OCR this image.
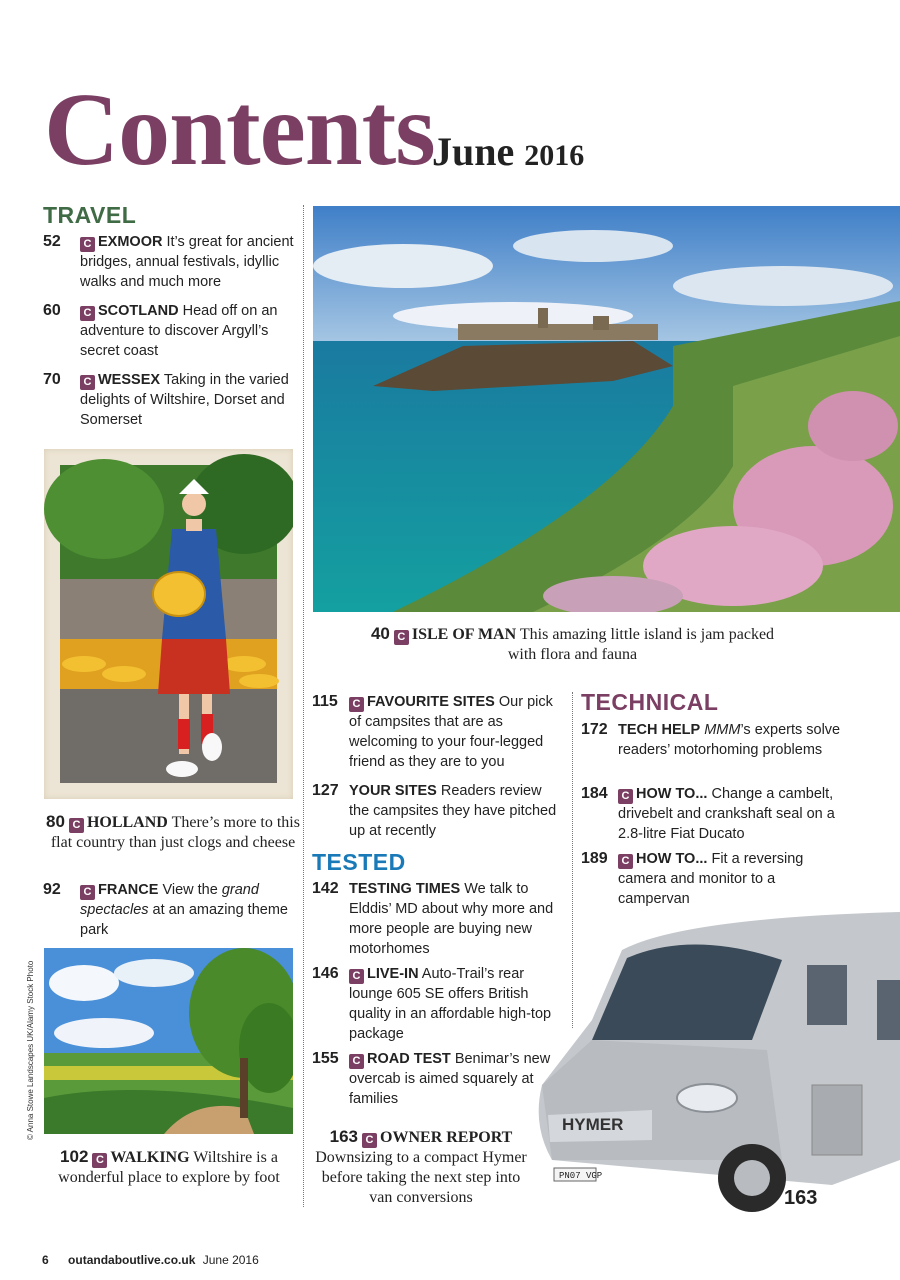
Contents
June 2016
TRAVEL
52	C EXMOOR It’s great for ancient bridges, annual festivals, idyllic walks and much more
60	C SCOTLAND Head off on an adventure to discover Argyll’s secret coast
70	C WESSEX Taking in the varied delights of Wiltshire, Dorset and Somerset
80 C HOLLAND There’s more to this flat country than just clogs and cheese
92	C FRANCE View the grand spectacles at an amazing theme park
© Anna Stowe Landscapes UK/Alamy Stock Photo
102 C WALKING Wiltshire is a wonderful place to explore by foot
40 C ISLE OF MAN This amazing little island is jam packed with flora and fauna
115	C FAVOURITE SITES Our pick of campsites that are as welcoming to your four-legged friend as they are to you
127 YOUR SITES Readers review the campsites they have pitched up at recently
TESTED
142 TESTING TIMES We talk to Elddis’ MD about why more and more people are buying new motorhomes
146	C LIVE-IN Auto-Trail’s rear lounge 605 SE offers British quality in an affordable high-top package
155	C ROAD TEST Benimar’s new overcab is aimed squarely at families
163 C OWNER REPORT Downsizing to a compact Hymer before taking the next step into van conversions
TECHNICAL
172 TECH HELP MMM’s experts solve readers’ motorhoming problems
184	C HOW TO... Change a cambelt, drivebelt and crankshaft seal on a 2.8-litre Fiat Ducato
189	C HOW TO... Fit a reversing camera and monitor to a campervan
PN07 VGP
HYMER
163
6 outandaboutlive.co.uk June 2016
